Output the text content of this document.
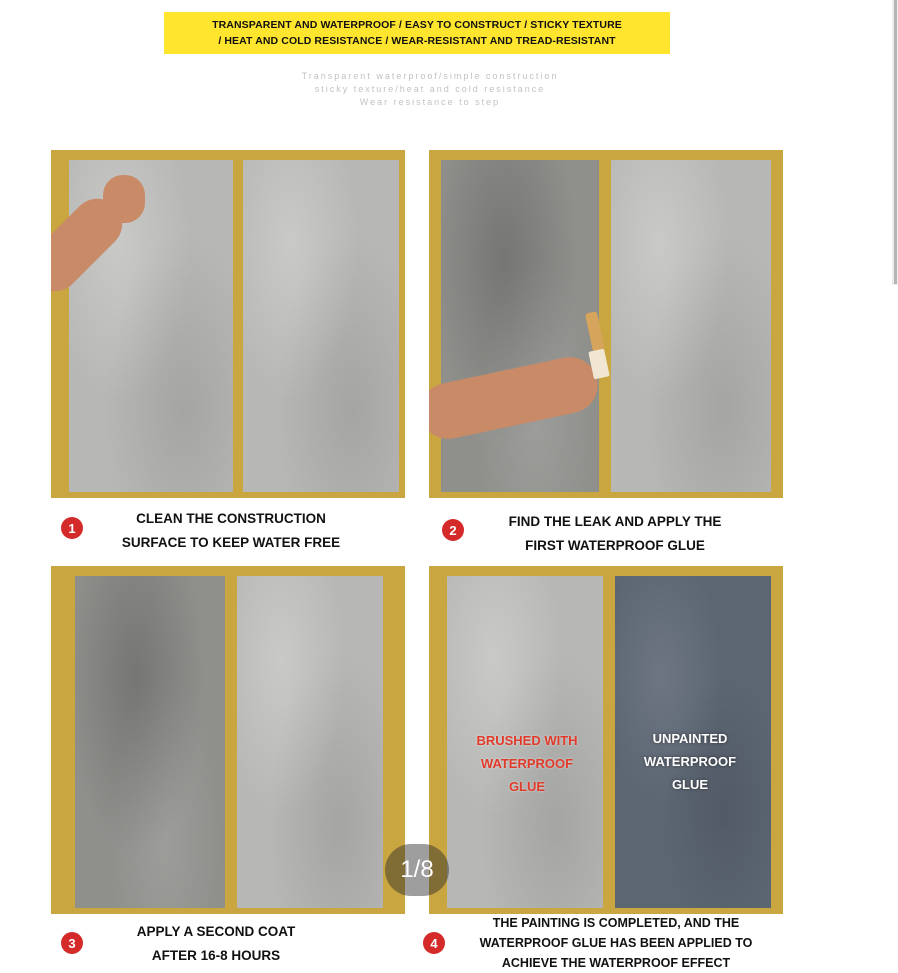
TRANSPARENT AND WATERPROOF / EASY TO CONSTRUCT / STICKY TEXTURE
/ HEAT AND COLD RESISTANCE / WEAR-RESISTANT AND TREAD-RESISTANT
Transparent waterproof/simple construction
sticky texture/heat and cold resistance
Wear resistance to step
1
CLEAN THE CONSTRUCTION
SURFACE TO KEEP WATER FREE
2
FIND THE LEAK AND APPLY THE
FIRST WATERPROOF GLUE
3
APPLY A SECOND COAT
AFTER 16-8 HOURS
BRUSHED WITH
WATERPROOF
GLUE
UNPAINTED
WATERPROOF
GLUE
4
THE PAINTING IS COMPLETED, AND THE
WATERPROOF GLUE HAS BEEN APPLIED TO
ACHIEVE THE WATERPROOF EFFECT
1/8
